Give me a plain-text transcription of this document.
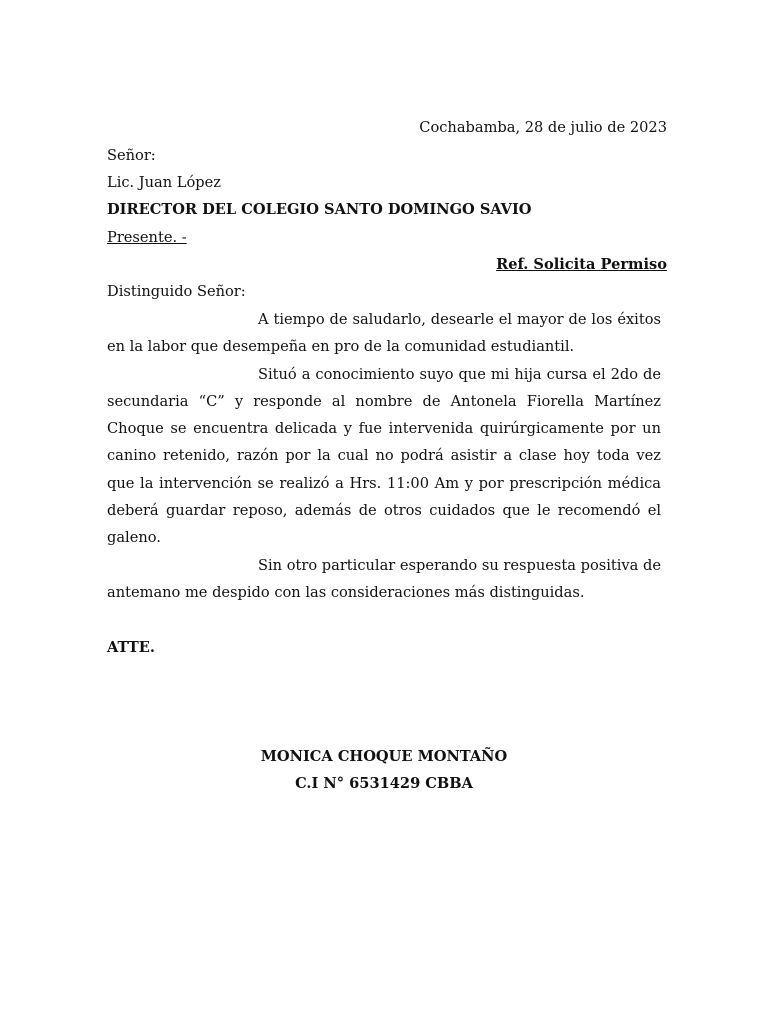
Cochabamba, 28 de julio de 2023
Señor:
Lic. Juan López
DIRECTOR DEL COLEGIO SANTO DOMINGO SAVIO
Presente. -
Ref. Solicita Permiso
Distinguido Señor:

A tiempo de saludarlo, desearle el mayor de los éxitos en la labor que desempeña en pro de la comunidad estudiantil.

Situó a conocimiento suyo que mi hija cursa el 2do de secundaria “C” y responde al nombre de Antonela Fiorella Martínez Choque se encuentra delicada y fue intervenida quirúrgicamente por un canino retenido, razón por la cual no podrá asistir a clase hoy toda vez que la intervención se realizó a Hrs. 11:00 Am y por prescripción médica deberá guardar reposo, además de otros cuidados que le recomendó el galeno.

Sin otro particular esperando su respuesta positiva de antemano me despido con las consideraciones más distinguidas.

ATTE.
MONICA CHOQUE MONTAÑO
C.I N° 6531429 CBBA
